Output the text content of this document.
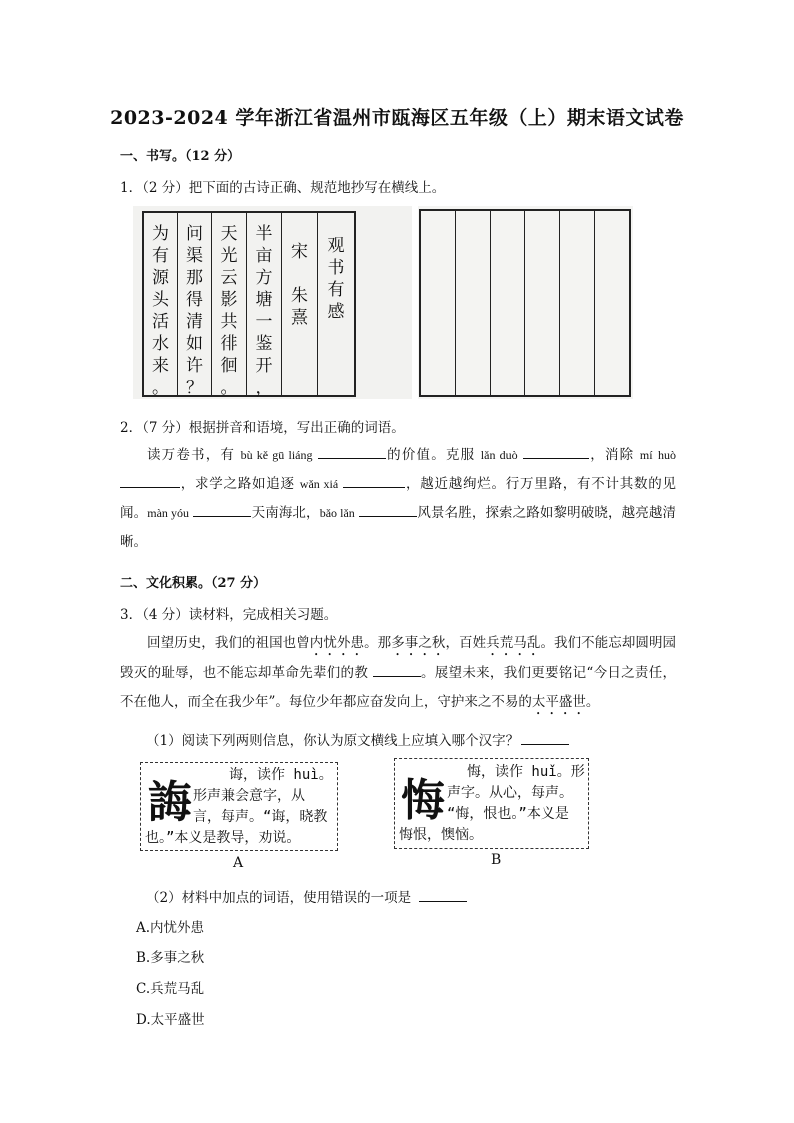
2023-2024 学年浙江省温州市瓯海区五年级（上）期末语文试卷
一、书写。（12 分）
1．（2 分）把下面的古诗正确、规范地抄写在横线上。
为
有
源
头
活
水
来
。
问
渠
那
得
清
如
许
？
天
光
云
影
共
徘
徊
。
半
亩
方
塘
一
鉴
开
，
宋

朱
熹
观
书
有
感
2．（7 分）根据拼音和语境，写出正确的词语。

读万卷书，有 bù kě gū liáng	的价值。克服 lǎn duò	，消除 mí huò ，求学之路如追逐 wǎn xiá	，越近越绚烂。行万里路，有不计其数的见闻。màn yóu	天南海北，bǎo lǎn	风景名胜，探索之路如黎明破晓，越亮越清晰。

二、文化积累。（27 分）
3．（4 分）读材料，完成相关习题。

回望历史，我们的祖国也曾内忧外患。那多事之秋，百姓兵荒马乱。我们不能忘却圆明园毁灭的耻辱，也不能忘却革命先辈们的教	。展望未来，我们更要铭记“今日之责任，不在他人，而全在我少年”。每位少年都应奋发向上，守护来之不易的太平盛世。

（1）阅读下列两则信息，你认为原文横线上应填入哪个汉字？
誨
诲，读作 huì。
形声兼会意字，从
言，每声。“诲，晓教
也。”本义是教导，劝说。
A
悔
悔，读作 huǐ。形
声字。从心，每声。
“悔，恨也。”本义是
悔恨，懊恼。
B
（2）材料中加点的词语，使用错误的一项是
A.内忧外患
B.多事之秋
C.兵荒马乱
D.太平盛世
